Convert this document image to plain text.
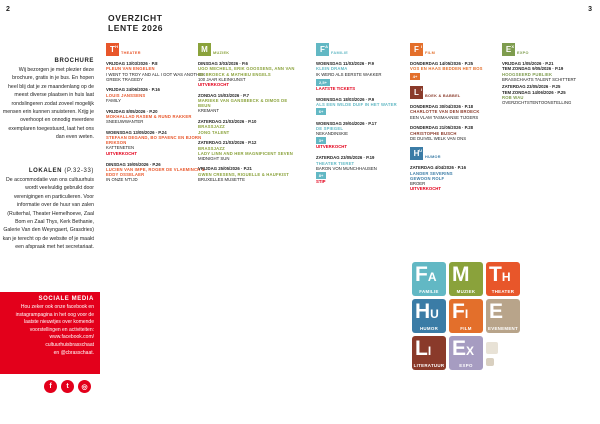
2	3
BROCHURE
Wij bezorgen je met plezier deze brochure, gratis in je bus. En hopen heel blij dat je ze maandenlang op de meest diverse plaatsen in huis laat rondslingeren zodat zoveel mogelijk mensen erin kunnen snuisteren. Krijg je overhoopt en onnodig meerdere exemplaren toegestuurd, laat het ons dan even weten.
LOKALEN (P.32-33)
De accommodatie van ons cultuurhuis wordt veelvuldig gebruikt door verenigingen en particulieren. Voor informatie over de huur van zalen (Ruiterhal, Theater Hemelhoeve, Zaal Bom en Zaal Thys, Kerk Bethanie, Galerie Van den Weyngaert, Grasdries) kan je terecht op de website of je maakt een afspraak met het secretariaat.
SOCIALE MEDIA
Hou zeker ook onze facebook en instagrampagina in het oog voor de laatste nieuwtjes over komende voorstellingen en activiteiten:
www.facebook.com/
cultuurhuisbrasschaat
en @cbrasschaat.
f	t	◎
OVERZICHT
LENTE 2026
T H
THEATER
VRIJDAG 13/03/2026 · P.8
PLEUN VAN ENGELEN
I WENT TO TROY AND ALL I GOT WAS ANOTHER GREEK TRAGEDY
VRIJDAG 24/06/2026 · P.16
LOUIS JANSSENS
FAMILY
VRIJDAG 8/05/2026 · P.20
MOKHALLAD RASEM & RUND RAKKER
SNEEUWWANTER
WOENSDAG 13/05/2026 · P.24
STEFAAN DEGAND, BO SPAENC EN BJORN ERIKSON
KATTENETEN
UITVERKOCHT
DINSDAG 19/05/2026 · P.26
LUCIEN VAN IMPE, ROGER DE VLAEMINCK & EDDY OSSELAER
IN ONZE N'TIJD
M MUZIEK
DINSDAG 3/03/2026 · P.6
UGO MECHELS, ERIK GOOSSENS, ANN VAN DE BROECK & MATHIEU ENGELS
100 JAAR KLEINKUNST
UITVERKOCHT
ZONDAG 15/03/2026 · P.7
MARIEKE VAN GANSBEECK & DIMOS DE BEUN
KREMANT
ZATERDAG 21/03/2026 · P.10
BRASSJAZZ
JONG TALENT
ZATERDAG 21/03/2026 · P.12
BRASSJAZZ
LADY LINN AND HER MAGNIFICENT SEVEN
MIDNIGHT SUN
VRIJDAG 25/05/2026 · P.21
GWEN CRESENS, RIGUELLE & HAUFKIST
BRUXELLES MUSETTE
F A
FAMILIE
WOENSDAG 11/03/2026 · P.9
KLEIN DRAMA
IK WERD ALS EERSTE WAKKER
2,5+
LAATSTE TICKETS
WOENSDAG 18/03/2026 · P.9
ALS EEN WILDE DUIF IN HET WATER
6+
WOENSDAG 29/04/2026 · P.17
DE SPIEGEL
NEKANDINSKIE
3+
UITVERKOCHT
ZATERDAG 23/05/2026 · P.19
THEATER TIERET
BARON VON MUNCHHAUSEN
8+
STIP
F I
FILM
DONDERDAG 14/05/2026 · P.25
VOS EN HAAS BEDDEN HET BOS
4+
L I
BOEK & BABBEL
DONDERDAG 30/04/2026 · P.18
CHARLOTTE VAN DEN BROECK
EEN VLAM TASMAANSE TIJGERS
DONDERDAG 21/05/2026 · P.28
CHRISTOPHE BUSCH
DE DUIVEL WELK VAN ONS
H U
HUMOR
ZATERDAG 4/04/2026 · P.16
LANDER SEVERINS
GEWOON ROLF
BROER
UITVERKOCHT
E X
EXPO
VRIJDAG 1/05/2026 · P.21
TEM ZONDAG 9/05/2026 · P.19
HOOGSEERD PUBLIEK
BRASSCHAATS TALENT SCHITTERT
ZATERDAG 23/05/2026 · P.25
TEM ZONDAG 14/06/2026 · P.25
ROB WAU
OVERZICHTSTENTOONSTELLING
FA
FAMILIE
M
MUZIEK
TH
THEATER
HU
HUMOR
FI
FILM
E
EVENEMENT
LI
LITERATUUR
EX
EXPO
